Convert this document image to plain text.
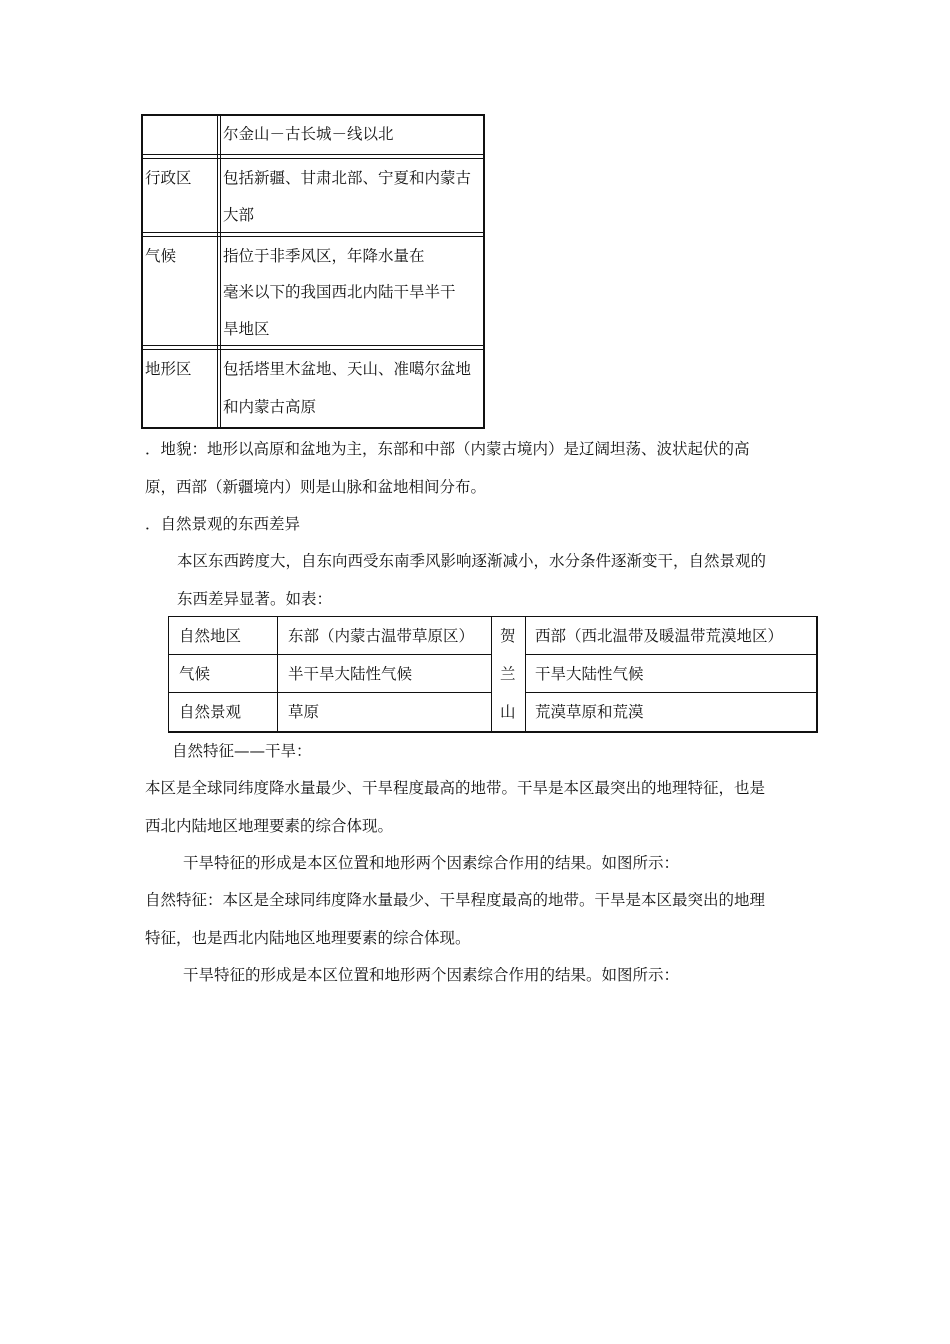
尔金山－古长城－线以北
行政区 包括新疆、甘肃北部、宁夏和内蒙古
大部
气候	指位于非季风区，年降水量在
毫米以下的我国西北内陆干旱半干
旱地区
地形区 包括塔里木盆地、天山、准噶尔盆地
和内蒙古高原
．地貌：地形以高原和盆地为主，东部和中部（内蒙古境内）是辽阔坦荡、波状起伏的高
原，西部（新疆境内）则是山脉和盆地相间分布。
．自然景观的东西差异
本区东西跨度大，自东向西受东南季风影响逐渐减小，水分条件逐渐变干，自然景观的
东西差异显著。如表：
自然地区
气候
自然景观
东部（内蒙古温带草原区）
半干旱大陆性气候
草原
贺
兰
山
西部（西北温带及暖温带荒漠地区）
干旱大陆性气候
荒漠草原和荒漠
自然特征——干旱：
本区是全球同纬度降水量最少、干旱程度最高的地带。干旱是本区最突出的地理特征，也是
西北内陆地区地理要素的综合体现。
干旱特征的形成是本区位置和地形两个因素综合作用的结果。如图所示：
自然特征：本区是全球同纬度降水量最少、干旱程度最高的地带。干旱是本区最突出的地理
特征，也是西北内陆地区地理要素的综合体现。
干旱特征的形成是本区位置和地形两个因素综合作用的结果。如图所示：
